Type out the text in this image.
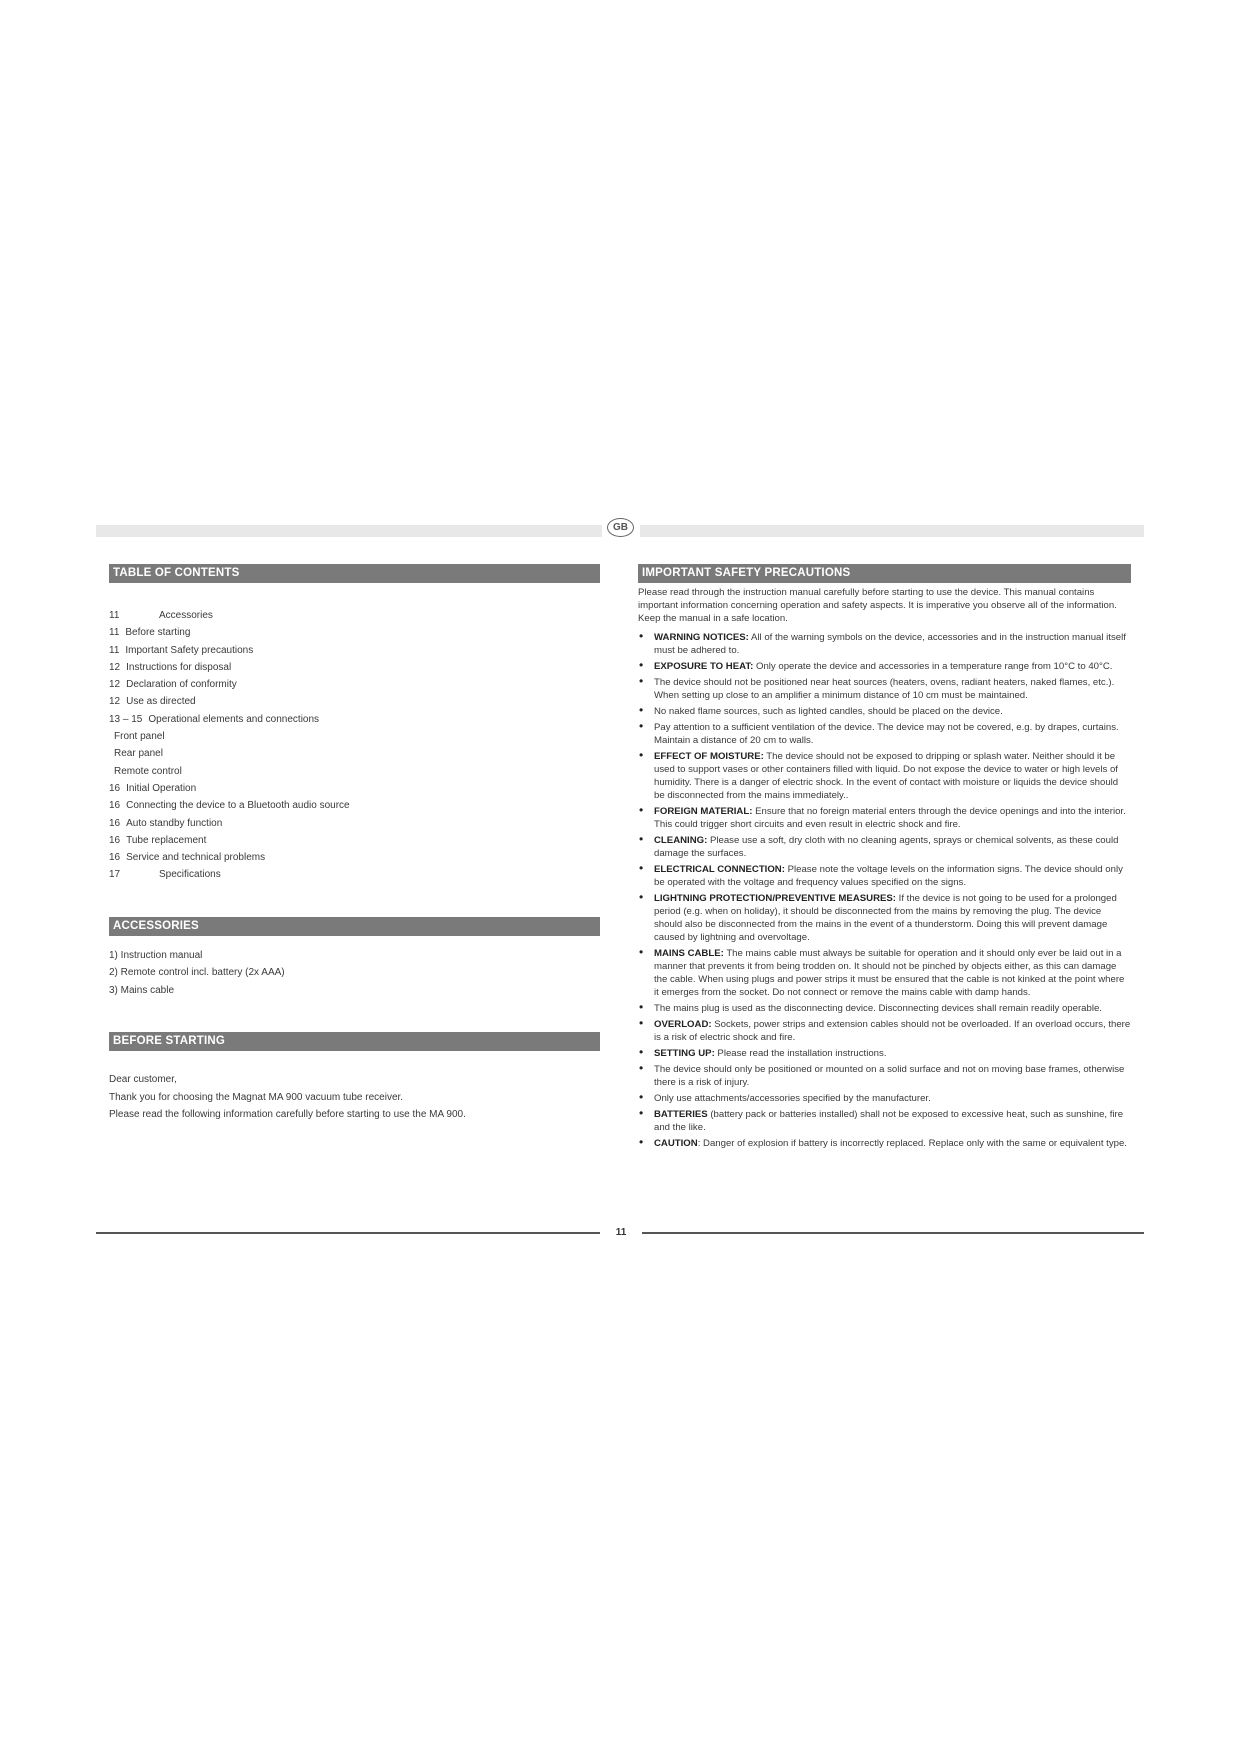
GB
TABLE OF CONTENTS
11	Accessories
11 Before starting
11 Important Safety precautions
12 Instructions for disposal
12 Declaration of conformity
12 Use as directed
13 – 15 Operational elements and connections
Front panel
Rear panel
Remote control
16 Initial Operation
16 Connecting the device to a Bluetooth audio source
16 Auto standby function
16 Tube replacement
16 Service and technical problems
17	Specifications
ACCESSORIES
1) Instruction manual
2) Remote control incl. battery (2x AAA)
3) Mains cable
BEFORE STARTING
Dear customer,
Thank you for choosing the Magnat MA 900 vacuum tube receiver.
Please read the following information carefully before starting to use the MA 900.
IMPORTANT SAFETY PRECAUTIONS
Please read through the instruction manual carefully before starting to use the device. This manual contains important information concerning operation and safety aspects. It is imperative you observe all of the information. Keep the manual in a safe location.
• WARNING NOTICES: All of the warning symbols on the device, accessories and in the instruction manual itself must be adhered to.
• EXPOSURE TO HEAT: Only operate the device and accessories in a temperature range from 10°C to 40°C.
• The device should not be positioned near heat sources (heaters, ovens, radiant heaters, naked flames, etc.). When setting up close to an amplifier a minimum distance of 10 cm must be maintained.
• No naked flame sources, such as lighted candles, should be placed on the device.
• Pay attention to a sufficient ventilation of the device. The device may not be covered, e.g. by drapes, curtains. Maintain a distance of 20 cm to walls.
• EFFECT OF MOISTURE: The device should not be exposed to dripping or splash water. Neither should it be used to support vases or other containers filled with liquid. Do not expose the device to water or high levels of humidity. There is a danger of electric shock. In the event of contact with moisture or liquids the device should be disconnected from the mains immediately..
• FOREIGN MATERIAL: Ensure that no foreign material enters through the device openings and into the interior. This could trigger short circuits and even result in electric shock and fire.
• CLEANING: Please use a soft, dry cloth with no cleaning agents, sprays or chemical solvents, as these could damage the surfaces.
• ELECTRICAL CONNECTION: Please note the voltage levels on the information signs. The device should only be operated with the voltage and frequency values specified on the signs.
• LIGHTNING PROTECTION/PREVENTIVE MEASURES: If the device is not going to be used for a prolonged period (e.g. when on holiday), it should be disconnected from the mains by removing the plug. The device should also be disconnected from the mains in the event of a thunderstorm. Doing this will prevent damage caused by lightning and overvoltage.
• MAINS CABLE: The mains cable must always be suitable for operation and it should only ever be laid out in a manner that prevents it from being trodden on. It should not be pinched by objects either, as this can damage the cable. When using plugs and power strips it must be ensured that the cable is not kinked at the point where it emerges from the socket. Do not connect or remove the mains cable with damp hands.
• The mains plug is used as the disconnecting device. Disconnecting devices shall remain readily operable.
• OVERLOAD: Sockets, power strips and extension cables should not be overloaded. If an overload occurs, there is a risk of electric shock and fire.
• SETTING UP: Please read the installation instructions.
• The device should only be positioned or mounted on a solid surface and not on moving base frames, otherwise there is a risk of injury.
• Only use attachments/accessories specified by the manufacturer.
• BATTERIES (battery pack or batteries installed) shall not be exposed to excessive heat, such as sunshine, fire and the like.
• CAUTION: Danger of explosion if battery is incorrectly replaced. Replace only with the same or equivalent type.
11
